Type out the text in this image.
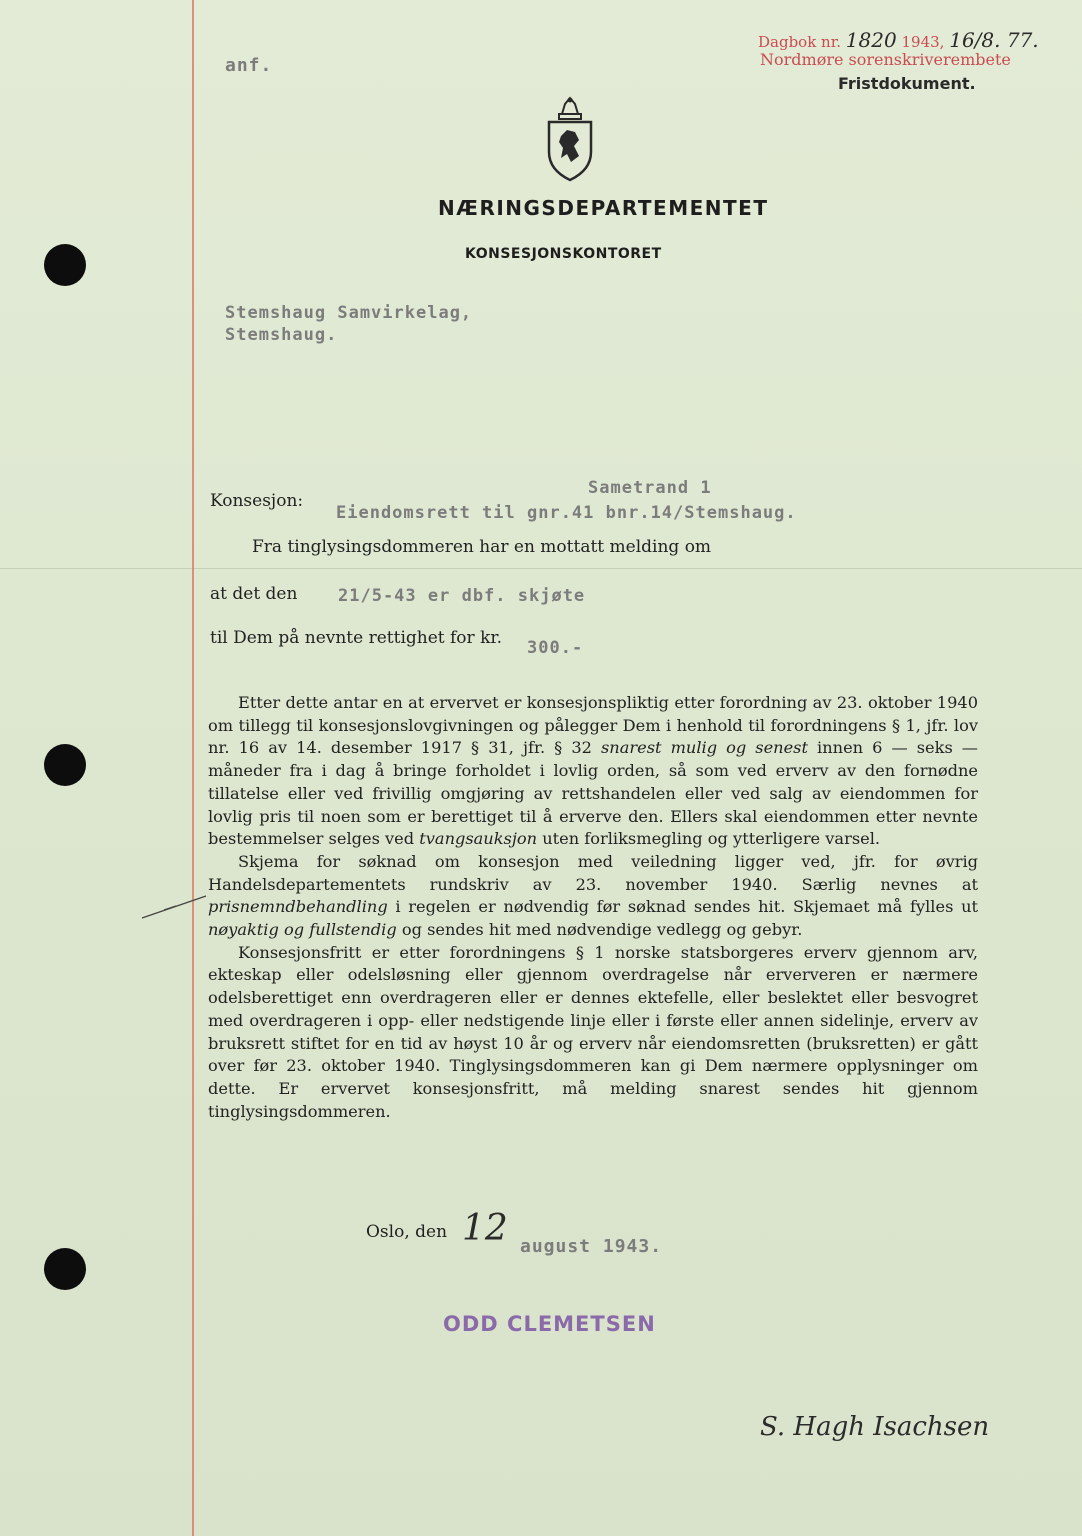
Dagbok nr. 1820 1943, 16/8. 77.
Nordmøre sorenskriverembete
Fristdokument.
anf.
NÆRINGSDEPARTEMENTET
KONSESJONSKONTORET
Stemshaug Samvirkelag,
Stemshaug.
Konsesjon:
Sametrand 1
Eiendomsrett til gnr.41 bnr.14/Stemshaug.
Fra tinglysingsdommeren har en mottatt melding om
at det den 21/5-43 er dbf. skjøte
til Dem på nevnte rettighet for kr. 300.-

Etter dette antar en at ervervet er konsesjonspliktig etter forordning av 23. oktober 1940 om tillegg til konsesjonslovgivningen og pålegger Dem i henhold til forordningens § 1, jfr. lov nr. 16 av 14. desember 1917 § 31, jfr. § 32 snarest mulig og senest innen 6 — seks — måneder fra i dag å bringe forholdet i lovlig orden, så som ved erverv av den fornødne tillatelse eller ved frivillig omgjøring av rettshandelen eller ved salg av eiendommen for lovlig pris til noen som er berettiget til å erverve den. Ellers skal eiendommen etter nevnte bestemmelser selges ved tvangsauksjon uten forliksmegling og ytterligere varsel.

Skjema for søknad om konsesjon med veiledning ligger ved, jfr. for øvrig Handelsdepartementets rundskriv av 23. november 1940. Særlig nevnes at prisnemndbehandling i regelen er nødvendig før søknad sendes hit. Skjemaet må fylles ut nøyaktig og fullstendig og sendes hit med nødvendige vedlegg og gebyr.

Konsesjonsfritt er etter forordningens § 1 norske statsborgeres erverv gjennom arv, ekteskap eller odelsløsning eller gjennom overdragelse når erververen er nærmere odelsberettiget enn overdrageren eller er dennes ektefelle, eller beslektet eller besvogret med overdrageren i opp- eller nedstigende linje eller i første eller annen sidelinje, erverv av bruksrett stiftet for en tid av høyst 10 år og erverv når eiendomsretten (bruksretten) er gått over før 23. oktober 1940. Tinglysingsdommeren kan gi Dem nærmere opplysninger om dette. Er ervervet konsesjonsfritt, må melding snarest sendes hit gjennom tinglysingsdommeren.

Oslo, den 12 august 1943.
ODD CLEMETSEN
S. Hagh Isachsen
